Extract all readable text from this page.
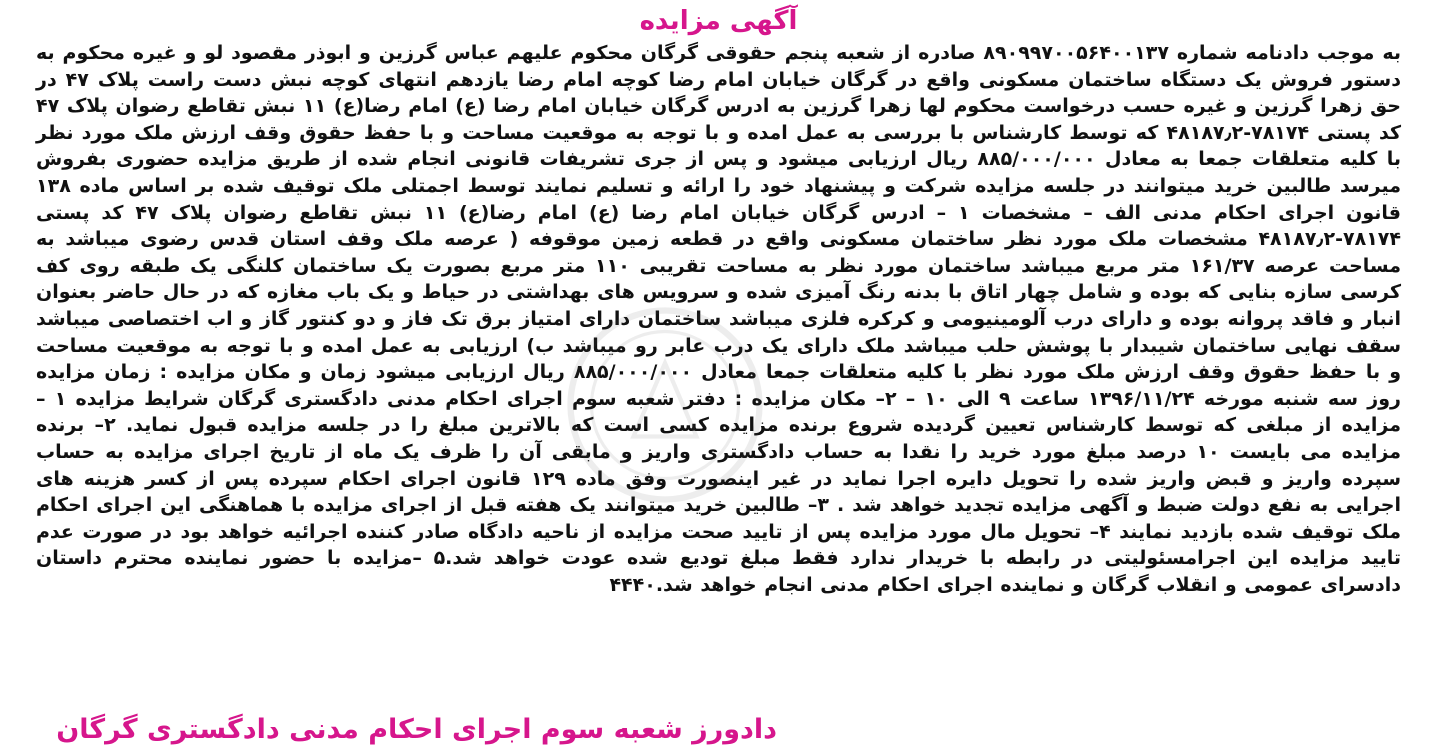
آگهی مزایده

به موجب دادنامه شماره ۸۹۰۹۹۷۰۰۵۶۴۰۰۱۳۷ صادره از شعبه پنجم حقوقی گرگان محکوم علیهم عباس گرزین و ابوذر مقصود لو و غیره محکوم به دستور فروش یک دستگاه ساختمان مسکونی واقع در گرگان خیابان امام رضا کوچه امام رضا یازدهم انتهای کوچه نبش دست راست پلاک ۴۷ در حق زهرا گرزین و غیره حسب درخواست محکوم لها زهرا گرزین به ادرس گرگان خیابان امام رضا (ع) امام رضا(ع) ۱۱ نبش تقاطع رضوان پلاک ۴۷ کد پستی ۷۸۱۷۴-۴۸۱۸۷٫۲ که توسط کارشناس با بررسی به عمل امده و با توجه به موقعیت مساحت و با حفظ حقوق وقف ارزش ملک مورد نظر با کلیه متعلقات جمعا به معادل ۸۸۵/۰۰۰/۰۰۰ ریال ارزیابی میشود و پس از جری تشریفات قانونی انجام شده از طریق مزایده حضوری بفروش میرسد طالبین خرید میتوانند در جلسه مزایده شرکت و پیشنهاد خود را ارائه و تسلیم نمایند توسط اجمتلی ملک توقیف شده بر اساس ماده ۱۳۸ قانون اجرای احکام مدنی الف – مشخصات ۱ – ادرس گرگان خیابان امام رضا (ع) امام رضا(ع) ۱۱ نبش تقاطع رضوان پلاک ۴۷ کد پستی ۷۸۱۷۴-۴۸۱۸۷٫۲ مشخصات ملک مورد نظر ساختمان مسکونی واقع در قطعه زمین موقوفه ( عرصه ملک وقف استان قدس رضوی میباشد به مساحت عرصه ۱۶۱/۳۷ متر مربع میباشد ساختمان مورد نظر به مساحت تقریبی ۱۱۰ متر مربع بصورت یک ساختمان کلنگی یک طبقه روی کف کرسی سازه بنایی که بوده و شامل چهار اتاق با بدنه رنگ آمیزی شده و سرویس های بهداشتی در حیاط و یک باب مغازه که در حال حاضر بعنوان انبار و فاقد پروانه بوده و دارای درب آلومینیومی و کرکره فلزی میباشد ساختمان دارای امتیاز برق تک فاز و دو کنتور گاز و اب اختصاصی میباشد سقف نهایی ساختمان شیبدار با پوشش حلب میباشد ملک دارای یک درب عابر رو میباشد ب) ارزیابی به عمل امده و با توجه به موقعیت مساحت و با حفظ حقوق وقف ارزش ملک مورد نظر با کلیه متعلقات جمعا معادل ۸۸۵/۰۰۰/۰۰۰ ریال ارزیابی میشود زمان و مکان مزایده : زمان مزایده روز سه شنبه مورخه ۱۳۹۶/۱۱/۲۴ ساعت ۹ الی ۱۰ – ۲– مکان مزایده : دفتر شعبه سوم اجرای احکام مدنی دادگستری گرگان شرایط مزایده ۱ – مزایده از مبلغی که توسط کارشناس تعیین گردیده شروع برنده مزایده کسی است که بالاترین مبلغ را در جلسه مزایده قبول نماید. ۲– برنده مزایده می بایست ۱۰ درصد مبلغ مورد خرید را نقدا به حساب دادگستری واریز و مابقی آن را ظرف یک ماه از تاریخ اجرای مزایده به حساب سپرده واریز و قبض واریز شده را تحویل دایره اجرا نماید در غیر اینصورت وفق ماده ۱۲۹ قانون اجرای احکام سپرده پس از کسر هزینه های اجرایی به نفع دولت ضبط و آگهی مزایده تجدید خواهد شد . ۳– طالبین خرید میتوانند یک هفته قبل از اجرای مزایده با هماهنگی این اجرای احکام ملک توقیف شده بازدید نمایند ۴– تحویل مال مورد مزایده پس از تایید صحت مزایده از ناحیه دادگاه صادر کننده اجرائیه خواهد بود در صورت عدم تایید مزایده این اجرامسئولیتی در رابطه با خریدار ندارد فقط مبلغ تودیع شده عودت خواهد شد.۵ –مزایده با حضور نماینده محترم داستان دادسرای عمومی و انقلاب گرگان و نماینده اجرای احکام مدنی انجام خواهد شد.۴۴۴۰

دادورز شعبه سوم اجرای احکام مدنی دادگستری گرگان
